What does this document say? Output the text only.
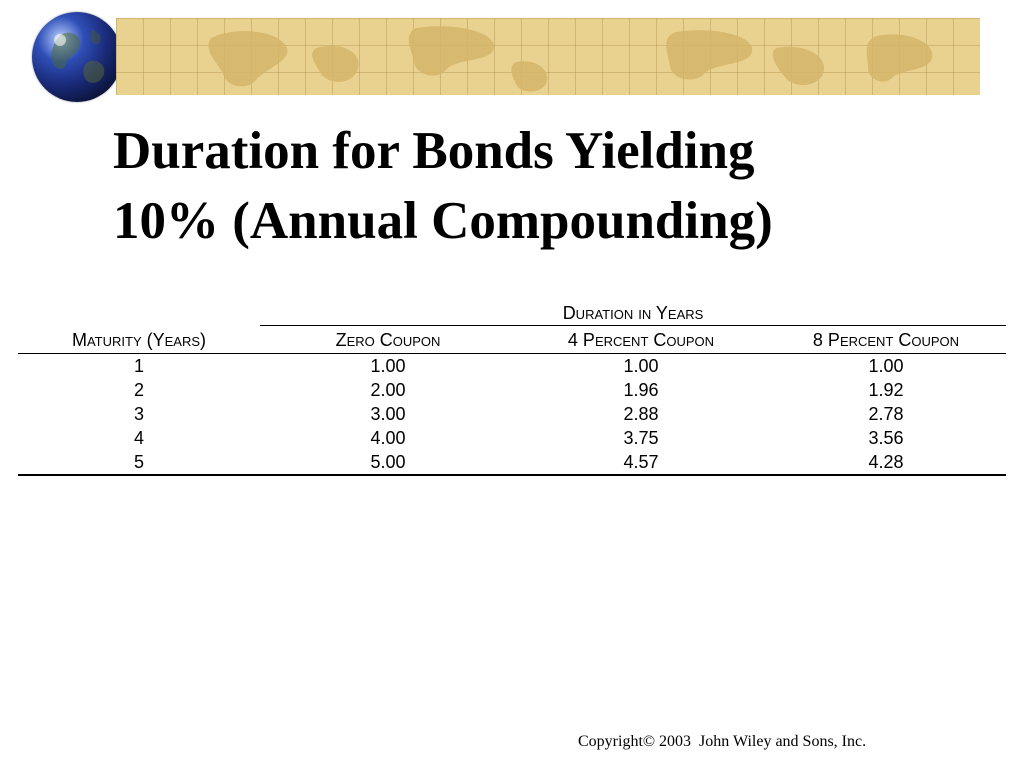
Duration for Bonds Yielding
10% (Annual Compounding)
	Duration in Years		
Maturity (Years)	Zero Coupon	4 Percent Coupon	8 Percent Coupon
1	1.00	1.00	1.00
2	2.00	1.96	1.92
3	3.00	2.88	2.78
4	4.00	3.75	3.56
5	5.00	4.57	4.28
Copyright© 2003  John Wiley and Sons, Inc.
